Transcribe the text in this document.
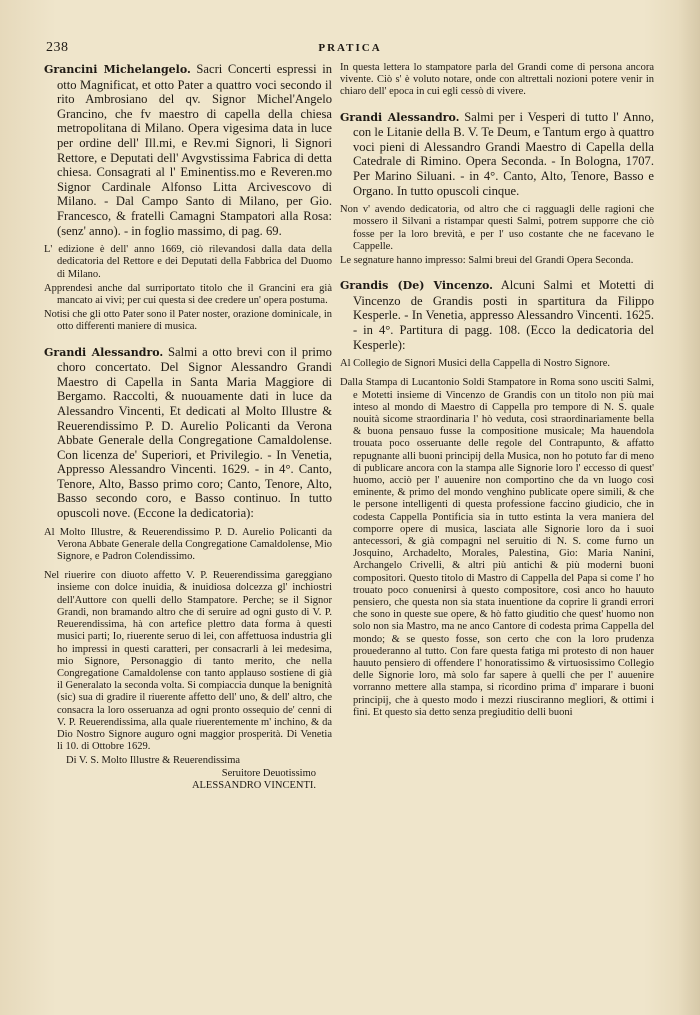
238	PRATICA

Grancini Michelangelo. Sacri Concerti espressi in otto Magnificat, et otto Pater a quattro voci secondo il rito Ambrosiano del qv. Signor Michel'Angelo Grancino, che fv maestro di capella della chiesa metropolitana di Milano. Opera vigesima data in luce per ordine dell' Ill.mi, e Rev.mi Signori, li Signori Rettore, e Deputati dell' Avgvstissima Fabrica di detta chiesa. Consagrati al l' Eminentiss.mo e Reveren.mo Signor Cardinale Alfonso Litta Arcivescovo di Milano. - Dal Campo Santo di Milano, per Gio. Francesco, & fratelli Camagni Stampatori alla Rosa: (senz' anno). - in foglio massimo, di pag. 69.

L' edizione è dell' anno 1669, ciò rilevandosi dalla data della dedicatoria del Rettore e dei Deputati della Fabbrica del Duomo di Milano.

Apprendesi anche dal surriportato titolo che il Grancini era già mancato ai vivi; per cui questa si dee credere un' opera postuma.

Notisi che gli otto Pater sono il Pater noster, orazione dominicale, in otto differenti maniere di musica.

Grandi Alessandro. Salmi a otto brevi con il primo choro concertato. Del Signor Alessandro Grandi Maestro di Capella in Santa Maria Maggiore di Bergamo. Raccolti, & nuouamente dati in luce da Alessandro Vincenti, Et dedicati al Molto Illustre & Reuerendissimo P. D. Aurelio Policanti da Verona Abbate Generale della Congregatione Camaldolense. Con licenza de' Superiori, et Privilegio. - In Venetia, Appresso Alessandro Vincenti. 1629. - in 4°. Canto, Tenore, Alto, Basso primo coro; Canto, Tenore, Alto, Basso secondo coro, e Basso continuo. In tutto opuscoli nove. (Eccone la dedicatoria):

Al Molto Illustre, & Reuerendissimo P. D. Aurelio Policanti da Verona Abbate Generale della Congregatione Camaldolense, Mio Signore, e Padron Colendissimo.

Nel riuerire con diuoto affetto V. P. Reuerendissima gareggiano insieme con dolce inuidia, & inuidiosa dolcezza gl' inchiostri dell'Auttore con quelli dello Stampatore. Perche; se il Signor Grandi, non bramando altro che di seruire ad ogni gusto di V. P. Reuerendissima, hà con artefice plettro data forma à questi musici parti; Io, riuerente seruo di lei, con affettuosa industria gli ho impressi in questi caratteri, per consacrarli à lei medesima, mio Signore, Personaggio di tanto merito, che nella Congregatione Camaldolense con tanto applauso sostiene di già il Generalato la seconda volta. Si compiaccia dunque la benignità (sic) sua di gradire il riuerente affetto dell' uno, & dell' altro, che consacra la loro osseruanza ad ogni pronto ossequio de' cenni di V. P. Reuerendissima, alla quale riuerentemente m' inchino, & da Dio Nostro Signore auguro ogni maggior prosperità. Di Venetia li 10. di Ottobre 1629.

Di V. S. Molto Illustre & Reuerendissima
Seruitore Deuotissimo
ALESSANDRO VINCENTI.

In questa lettera lo stampatore parla del Grandi come di persona ancora vivente. Ciò s' è voluto notare, onde con altrettali nozioni potere venir in chiaro dell' epoca in cui egli cessò di vivere.

Grandi Alessandro. Salmi per i Vesperi di tutto l' Anno, con le Litanie della B. V. Te Deum, e Tantum ergo à quattro voci pieni di Alessandro Grandi Maestro di Capella della Catedrale di Rimino. Opera Seconda. - In Bologna, 1707. Per Marino Siluani. - in 4°. Canto, Alto, Tenore, Basso e Organo. In tutto opuscoli cinque.

Non v' avendo dedicatoria, od altro che ci ragguagli delle ragioni che mossero il Silvani a ristampar questi Salmi, potrem supporre che ciò fosse per la loro brevità, e per l' uso costante che ne facevano le Cappelle.

Le segnature hanno impresso: Salmi breui del Grandi Opera Seconda.

Grandis (De) Vincenzo. Alcuni Salmi et Motetti di Vincenzo de Grandis posti in spartitura da Filippo Kesperle. - In Venetia, appresso Alessandro Vincenti. 1625. - in 4°. Partitura di pagg. 108. (Ecco la dedicatoria del Kesperle):

Al Collegio de Signori Musici della Cappella di Nostro Signore.

Dalla Stampa di Lucantonio Soldi Stampatore in Roma sono usciti Salmi, e Motetti insieme di Vincenzo de Grandis con un titolo non più mai inteso al mondo di Maestro di Cappella pro tempore di N. S. quale nouità sicome straordinaria l' hò veduta, così straordinariamente bella & buona pensauo fusse la compositione musicale; Ma hauendola trouata poco osseruante delle regole del Contrapunto, & affatto repugnante alli buoni principij della Musica, non ho potuto far di meno di publicare ancora con la stampa alle Signorie loro l' eccesso di quest' huomo, acciò per l' auuenire non comportino che da vn luogo così eminente, & primo del mondo venghino publicate opere simili, & che le persone intelligenti di questa professione faccino giudicio, che in codesta Cappella Pontificia sia in tutto estinta la vera maniera del comporre opere di musica, lasciata alle Signorie loro da i suoi antecessori, & già compagni nel seruitio di N. S. come furno un Josquino, Archadelto, Morales, Palestina, Gio: Maria Nanini, Archangelo Crivelli, & altri più antichi & più moderni buoni compositori. Questo titolo di Mastro di Cappella del Papa si come l' ho trouato poco conuenirsi à questo compositore, così anco ho hauuto pensiero, che questa non sia stata inuentione da coprire li grandi errori che sono in queste sue opere, & hò fatto giuditio che quest' huomo non solo non sia Mastro, ma ne anco Cantore di codesta prima Cappella del mondo; & se questo fosse, son certo che con la loro prudenza prouederanno al tutto. Con fare questa fatiga mi protesto di non hauer hauuto pensiero di offendere l' honoratissimo & virtuosissimo Collegio delle Signorie loro, mà solo far sapere à quelli che per l' auuenire vorranno mettere alla stampa, si ricordino prima d' imparare i buoni principij, che à questo modo i mezzi riusciranno megliori, & ottimi i fini. Et questo sia detto senza pregiuditio delli buoni
